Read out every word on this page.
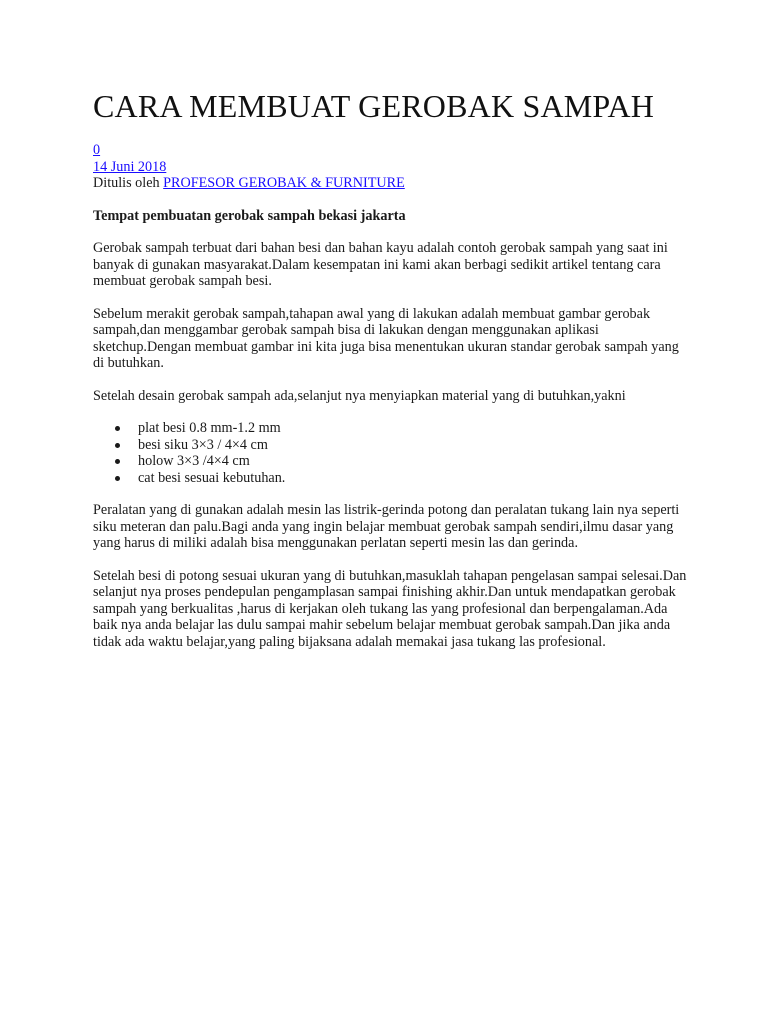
CARA MEMBUAT GEROBAK SAMPAH
0
14 Juni 2018
Ditulis oleh PROFESOR GEROBAK & FURNITURE

Tempat pembuatan gerobak sampah bekasi jakarta

Gerobak sampah terbuat dari bahan besi dan bahan kayu adalah contoh gerobak sampah yang saat ini banyak di gunakan masyarakat.Dalam kesempatan ini kami akan berbagi sedikit artikel tentang cara membuat gerobak sampah besi.

Sebelum merakit gerobak sampah,tahapan awal yang di lakukan adalah membuat gambar gerobak sampah,dan menggambar gerobak sampah bisa di lakukan dengan menggunakan aplikasi sketchup.Dengan membuat gambar ini kita juga bisa menentukan ukuran standar gerobak sampah yang di butuhkan.

Setelah desain gerobak sampah ada,selanjut nya menyiapkan material yang di butuhkan,yakni

plat besi 0.8 mm-1.2 mm
besi siku 3×3 / 4×4 cm
holow 3×3 /4×4 cm
cat besi sesuai kebutuhan.

Peralatan yang di gunakan adalah mesin las listrik-gerinda potong dan peralatan tukang lain nya seperti siku meteran dan palu.Bagi anda yang ingin belajar membuat gerobak sampah sendiri,ilmu dasar yang yang harus di miliki adalah bisa menggunakan perlatan seperti mesin las dan gerinda.

Setelah besi di potong sesuai ukuran yang di butuhkan,masuklah tahapan pengelasan sampai selesai.Dan selanjut nya proses pendepulan pengamplasan sampai finishing akhir.Dan untuk mendapatkan gerobak sampah yang berkualitas ,harus di kerjakan oleh tukang las yang profesional dan berpengalaman.Ada baik nya anda belajar las dulu sampai mahir sebelum belajar membuat gerobak sampah.Dan jika anda tidak ada waktu belajar,yang paling bijaksana adalah memakai jasa tukang las profesional.
